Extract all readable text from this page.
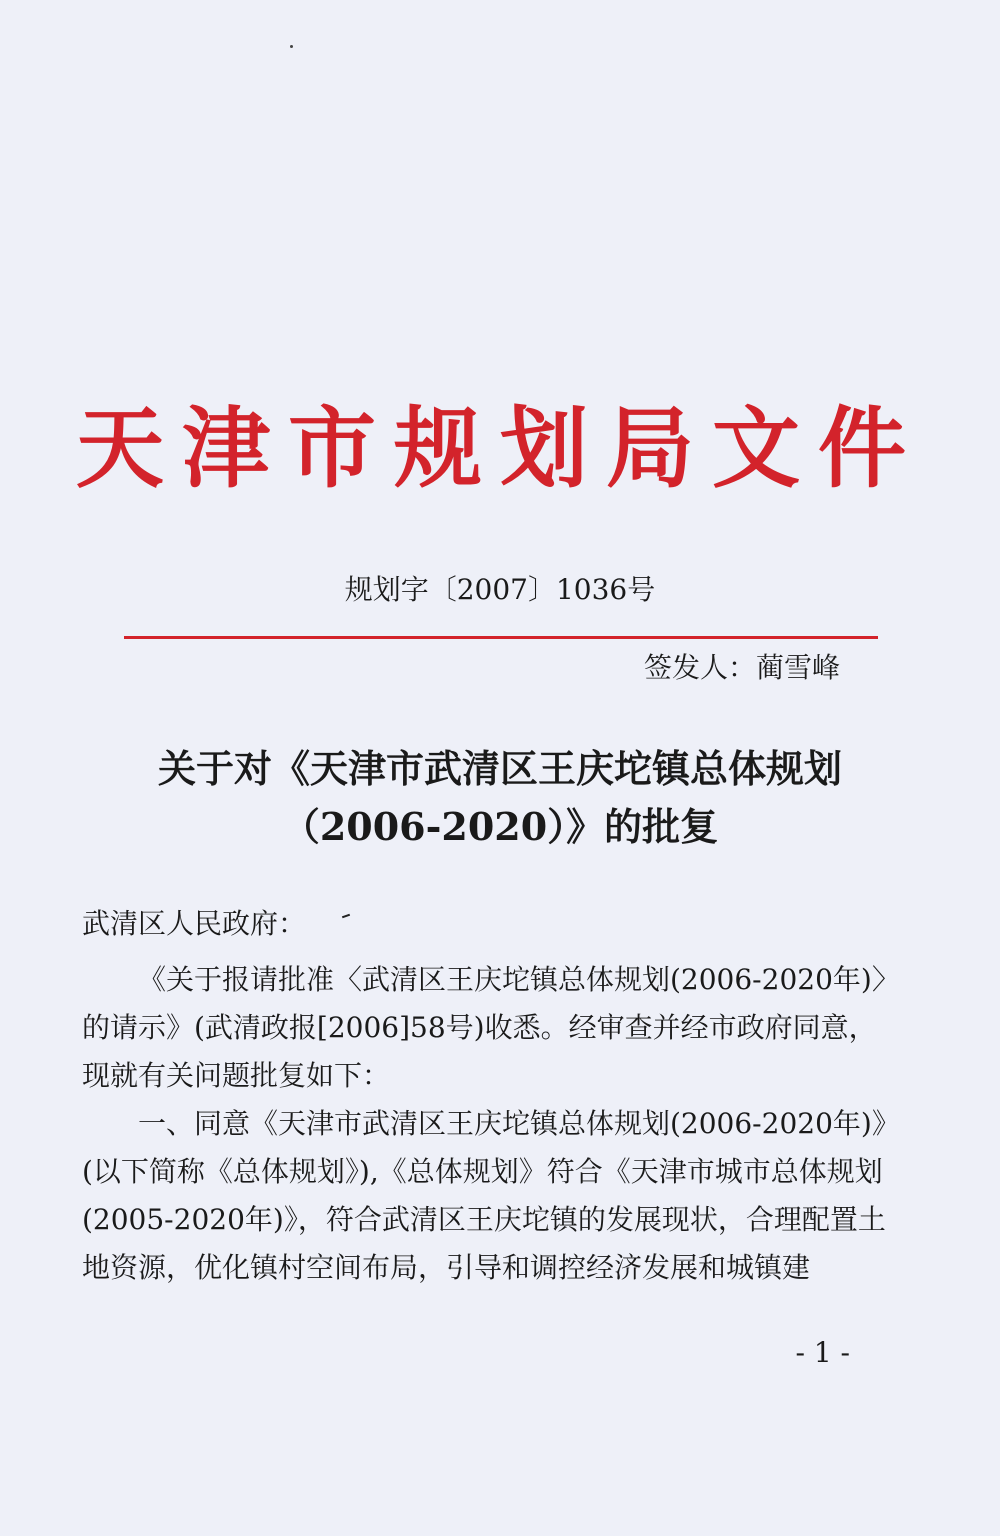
天津市规划局文件
规划字〔2007〕1036号
签发人：蔺雪峰
关于对《天津市武清区王庆坨镇总体规划
（2006-2020）》的批复

武清区人民政府：

《关于报请批准〈武清区王庆坨镇总体规划(2006-2020年)〉的请示》(武清政报[2006]58号)收悉。经审查并经市政府同意，现就有关问题批复如下：

一、同意《天津市武清区王庆坨镇总体规划(2006-2020年)》(以下简称《总体规划》),《总体规划》符合《天津市城市总体规划(2005-2020年)》，符合武清区王庆坨镇的发展现状，合理配置土地资源，优化镇村空间布局，引导和调控经济发展和城镇建

- 1 -
